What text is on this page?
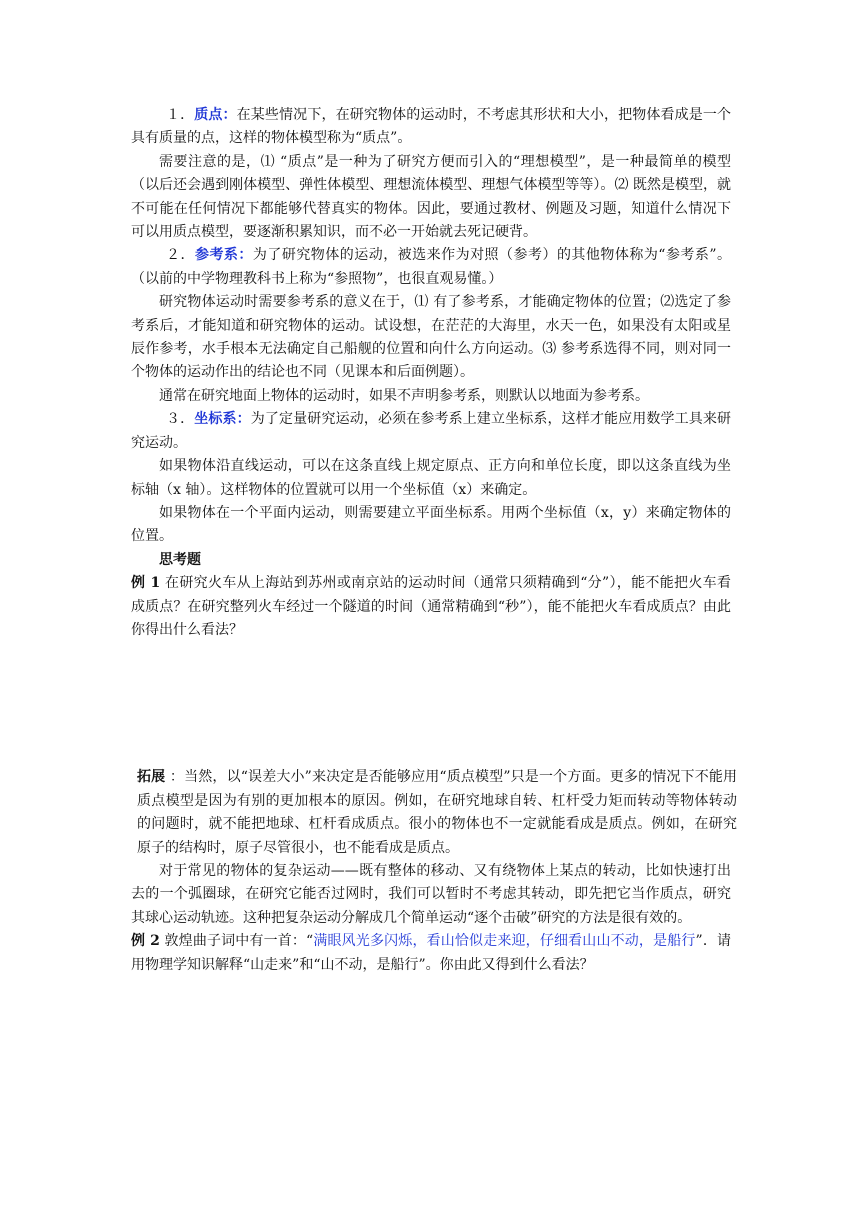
１．质点：在某些情况下，在研究物体的运动时，不考虑其形状和大小，把物体看成是一个具有质量的点，这样的物体模型称为“质点”。

需要注意的是，⑴ “质点”是一种为了研究方便而引入的“理想模型”，是一种最简单的模型（以后还会遇到刚体模型、弹性体模型、理想流体模型、理想气体模型等等）。⑵ 既然是模型，就不可能在任何情况下都能够代替真实的物体。因此，要通过教材、例题及习题，知道什么情况下可以用质点模型，要逐渐积累知识，而不必一开始就去死记硬背。

２．参考系：为了研究物体的运动，被选来作为对照（参考）的其他物体称为“参考系”。（以前的中学物理教科书上称为“参照物”，也很直观易懂。）

研究物体运动时需要参考系的意义在于，⑴ 有了参考系，才能确定物体的位置；⑵选定了参考系后，才能知道和研究物体的运动。试设想，在茫茫的大海里，水天一色，如果没有太阳或星辰作参考，水手根本无法确定自己船舰的位置和向什么方向运动。⑶ 参考系选得不同，则对同一个物体的运动作出的结论也不同（见课本和后面例题）。

通常在研究地面上物体的运动时，如果不声明参考系，则默认以地面为参考系。

３．坐标系：为了定量研究运动，必须在参考系上建立坐标系，这样才能应用数学工具来研究运动。

如果物体沿直线运动，可以在这条直线上规定原点、正方向和单位长度，即以这条直线为坐标轴（x 轴）。这样物体的位置就可以用一个坐标值（x）来确定。

如果物体在一个平面内运动，则需要建立平面坐标系。用两个坐标值（x，y）来确定物体的位置。

思考题

例 1 在研究火车从上海站到苏州或南京站的运动时间（通常只须精确到“分”），能不能把火车看成质点？在研究整列火车经过一个隧道的时间（通常精确到“秒”），能不能把火车看成质点？由此你得出什么看法？

拓展 ：当然，以“误差大小”来决定是否能够应用“质点模型”只是一个方面。更多的情况下不能用质点模型是因为有别的更加根本的原因。例如，在研究地球自转、杠杆受力矩而转动等物体转动的问题时，就不能把地球、杠杆看成质点。很小的物体也不一定就能看成是质点。例如，在研究原子的结构时，原子尽管很小，也不能看成是质点。

对于常见的物体的复杂运动——既有整体的移动、又有绕物体上某点的转动，比如快速打出去的一个弧圈球，在研究它能否过网时，我们可以暂时不考虑其转动，即先把它当作质点，研究其球心运动轨迹。这种把复杂运动分解成几个简单运动“逐个击破”研究的方法是很有效的。

例 2 敦煌曲子词中有一首：“满眼风光多闪烁，看山恰似走来迎，仔细看山山不动，是船行”．请用物理学知识解释“山走来”和“山不动，是船行”。你由此又得到什么看法？
